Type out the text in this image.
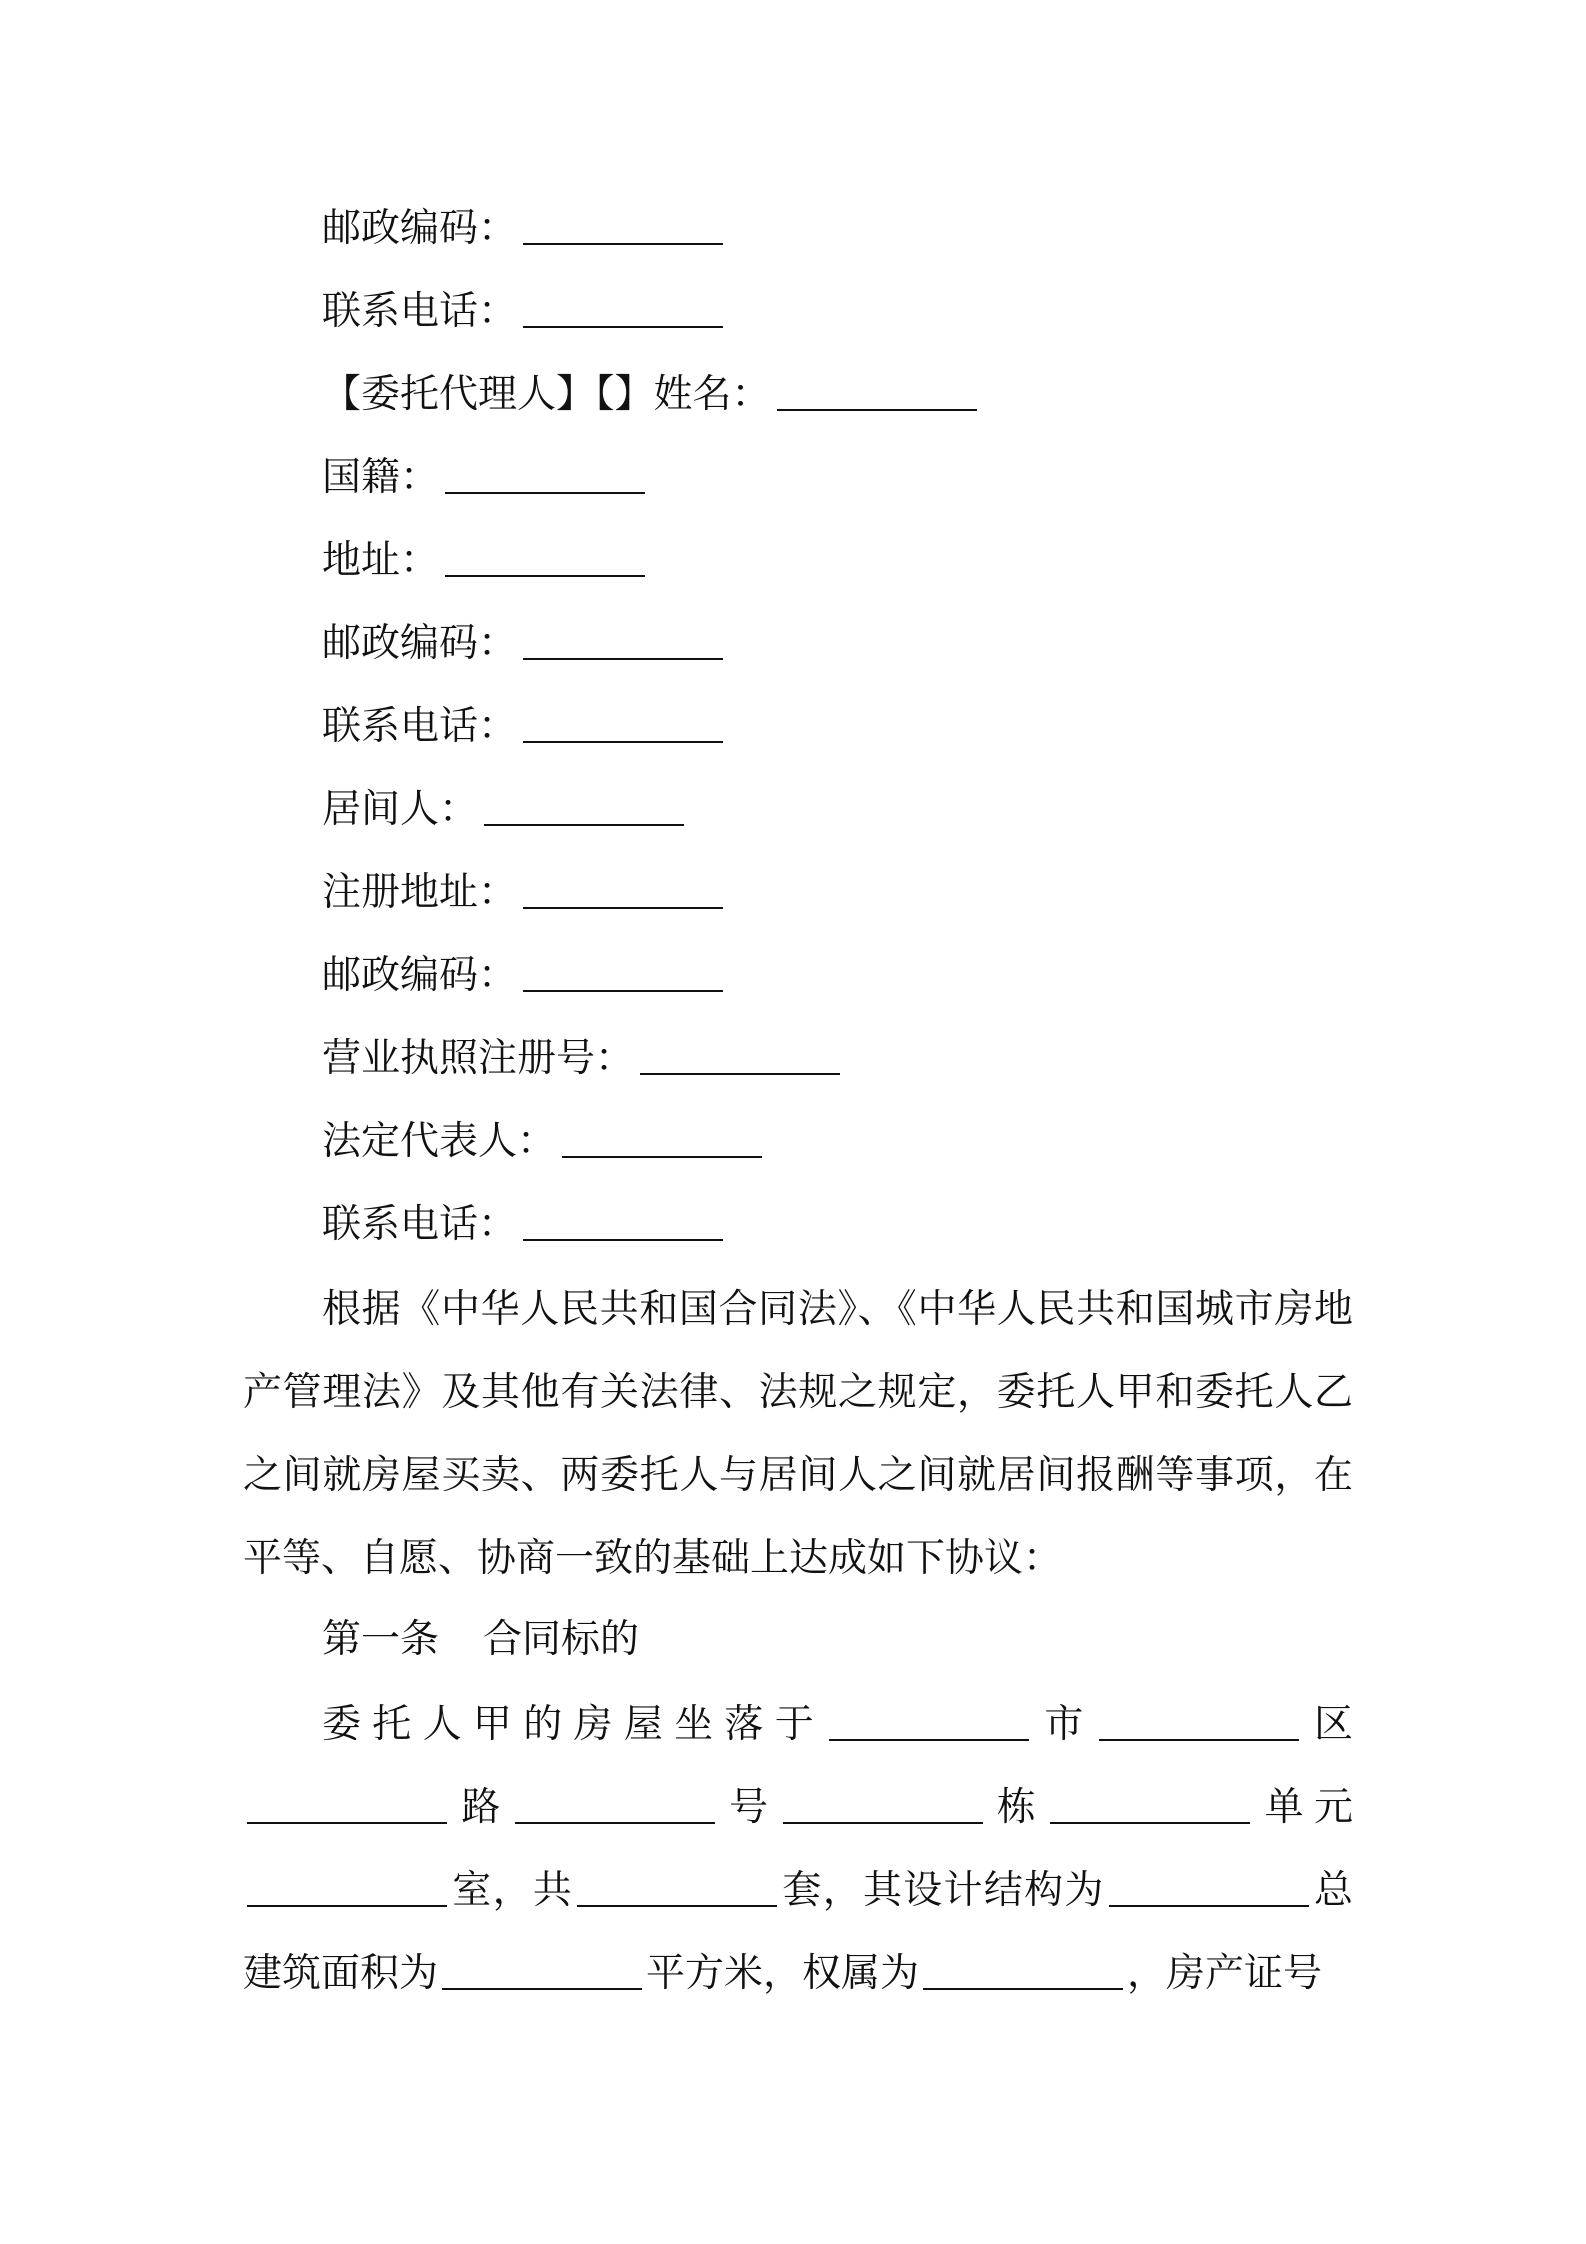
邮政编码：
联系电话：
【委托代理人】【】姓名：
国籍：
地址：
邮政编码：
联系电话：
居间人：
注册地址：
邮政编码：
营业执照注册号：
法定代表人：
联系电话：
根据《中华人民共和国合同法》、《中华人民共和国城市房地产管理法》及其他有关法律、法规之规定，委托人甲和委托人乙之间就房屋买卖、两委托人与居间人之间就居间报酬等事项，在平等、自愿、协商一致的基础上达成如下协议：
第一条 合同标的
委托人甲的房屋坐落于	市	区路	号	栋	单元室，共	套，其设计结构为	总建筑面积为	平方米，权属为	，房产证号
